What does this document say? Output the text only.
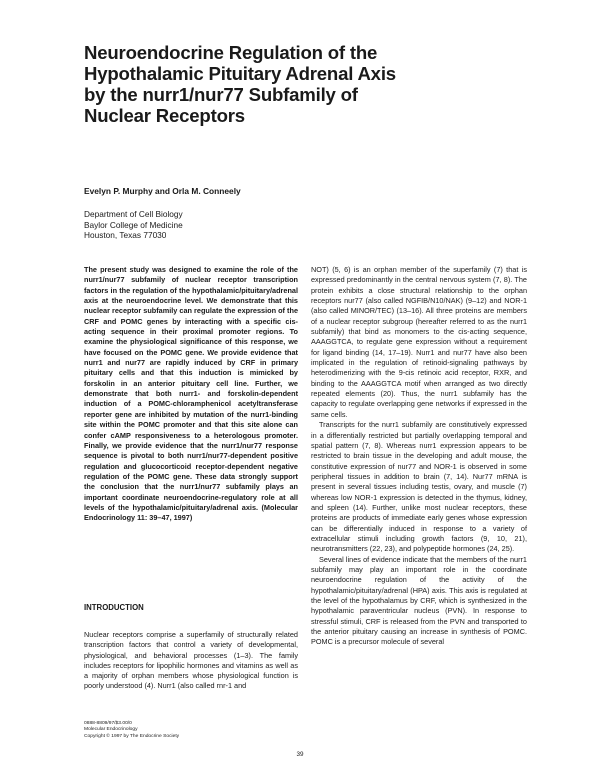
Neuroendocrine Regulation of the
Hypothalamic Pituitary Adrenal Axis
by the nurr1/nur77 Subfamily of
Nuclear Receptors
Evelyn P. Murphy and Orla M. Conneely
Department of Cell Biology
Baylor College of Medicine
Houston, Texas 77030

The present study was designed to examine the role of the nurr1/nur77 subfamily of nuclear receptor transcription factors in the regulation of the hypothalamic/pituitary/adrenal axis at the neuroendocrine level. We demonstrate that this nuclear receptor subfamily can regulate the expression of the CRF and POMC genes by interacting with a specific cis-acting sequence in their proximal promoter regions. To examine the physiological significance of this response, we have focused on the POMC gene. We provide evidence that nurr1 and nur77 are rapidly induced by CRF in primary pituitary cells and that this induction is mimicked by forskolin in an anterior pituitary cell line. Further, we demonstrate that both nurr1- and forskolin-dependent induction of a POMC-chloramphenicol acetyltransferase reporter gene are inhibited by mutation of the nurr1-binding site within the POMC promoter and that this site alone can confer cAMP responsiveness to a heterologous promoter. Finally, we provide evidence that the nurr1/nur77 response sequence is pivotal to both nurr1/nur77-dependent positive regulation and glucocorticoid receptor-dependent negative regulation of the POMC gene. These data strongly support the conclusion that the nurr1/nur77 subfamily plays an important coordinate neuroendocrine-regulatory role at all levels of the hypothalamic/pituitary/adrenal axis. (Molecular Endocrinology 11: 39–47, 1997)

INTRODUCTION

Nuclear receptors comprise a superfamily of structurally related transcription factors that control a variety of developmental, physiological, and behavioral processes (1–3). The family includes receptors for lipophilic hormones and vitamins as well as a majority of orphan members whose physiological function is poorly understood (4). Nurr1 (also called rnr-1 and

0888-8809/97/$3.00/0
Molecular Endocrinology
Copyright © 1997 by The Endocrine Society

NOT) (5, 6) is an orphan member of the superfamily (7) that is expressed predominantly in the central nervous system (7, 8). The protein exhibits a close structural relationship to the orphan receptors nur77 (also called NGFIB/N10/NAK) (9–12) and NOR-1 (also called MINOR/TEC) (13–16). All three proteins are members of a nuclear receptor subgroup (hereafter referred to as the nurr1 subfamily) that bind as monomers to the cis-acting sequence, AAAGGTCA, to regulate gene expression without a requirement for ligand binding (14, 17–19). Nurr1 and nur77 have also been implicated in the regulation of retinoid-signaling pathways by heterodimerizing with the 9-cis retinoic acid receptor, RXR, and binding to the AAAGGTCA motif when arranged as two directly repeated elements (20). Thus, the nurr1 subfamily has the capacity to regulate overlapping gene networks if expressed in the same cells.

Transcripts for the nurr1 subfamily are constitutively expressed in a differentially restricted but partially overlapping temporal and spatial pattern (7, 8). Whereas nurr1 expression appears to be restricted to brain tissue in the developing and adult mouse, the constitutive expression of nur77 and NOR-1 is observed in some peripheral tissues in addition to brain (7, 14). Nur77 mRNA is present in several tissues including testis, ovary, and muscle (7) whereas low NOR-1 expression is detected in the thymus, kidney, and spleen (14). Further, unlike most nuclear receptors, these proteins are products of immediate early genes whose expression can be differentially induced in response to a variety of extracellular stimuli including growth factors (9, 10, 21), neurotransmitters (22, 23), and polypeptide hormones (24, 25).

Several lines of evidence indicate that the members of the nurr1 subfamily may play an important role in the coordinate neuroendocrine regulation of the activity of the hypothalamic/pituitary/adrenal (HPA) axis. This axis is regulated at the level of the hypothalamus by CRF, which is synthesized in the hypothalamic paraventricular nucleus (PVN). In response to stressful stimuli, CRF is released from the PVN and transported to the anterior pituitary causing an increase in synthesis of POMC. POMC is a precursor molecule of several

39
